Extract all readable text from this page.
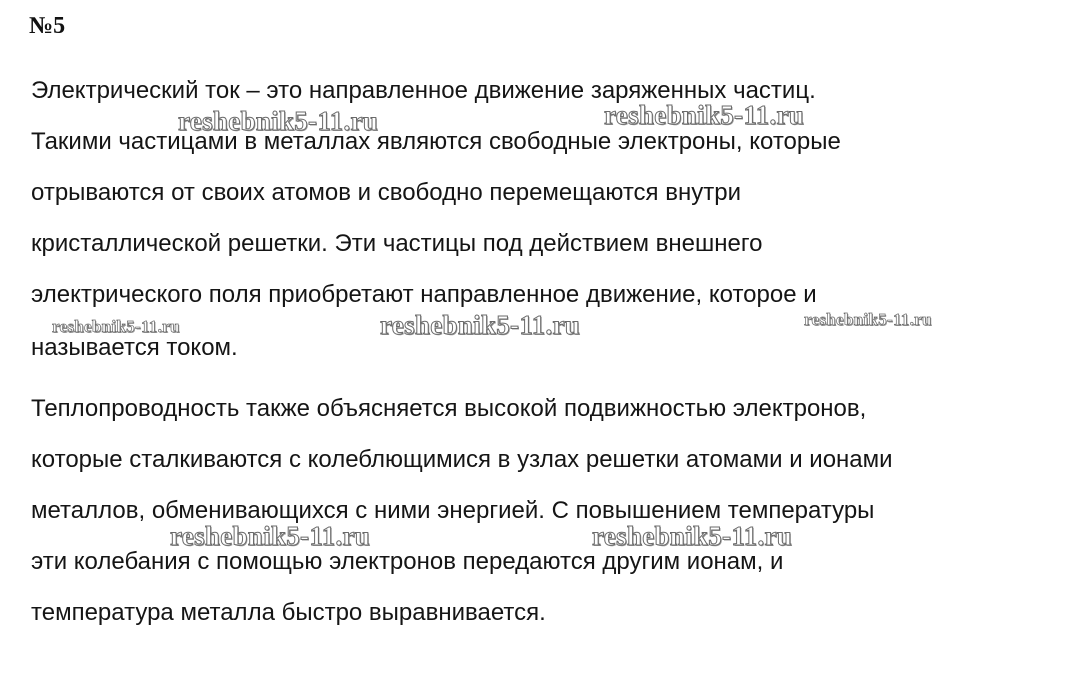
№5

Электрический ток – это направленное движение заряженных частиц.

Такими частицами в металлах являются свободные электроны, которые

отрываются от своих атомов и свободно перемещаются внутри

кристаллической решетки. Эти частицы под действием внешнего

электрического поля приобретают направленное движение, которое и

называется током.

Теплопроводность также объясняется высокой подвижностью электронов,

которые сталкиваются с колеблющимися в узлах решетки атомами и ионами

металлов, обменивающихся с ними энергией. С повышением температуры

эти колебания с помощью электронов передаются другим ионам, и

температура металла быстро выравнивается.

reshebnik5-11.ru	reshebnik5-11.ru
reshebnik5-11.ru	reshebnik5-11.ru	reshebnik5-11.ru
reshebnik5-11.ru	reshebnik5-11.ru
